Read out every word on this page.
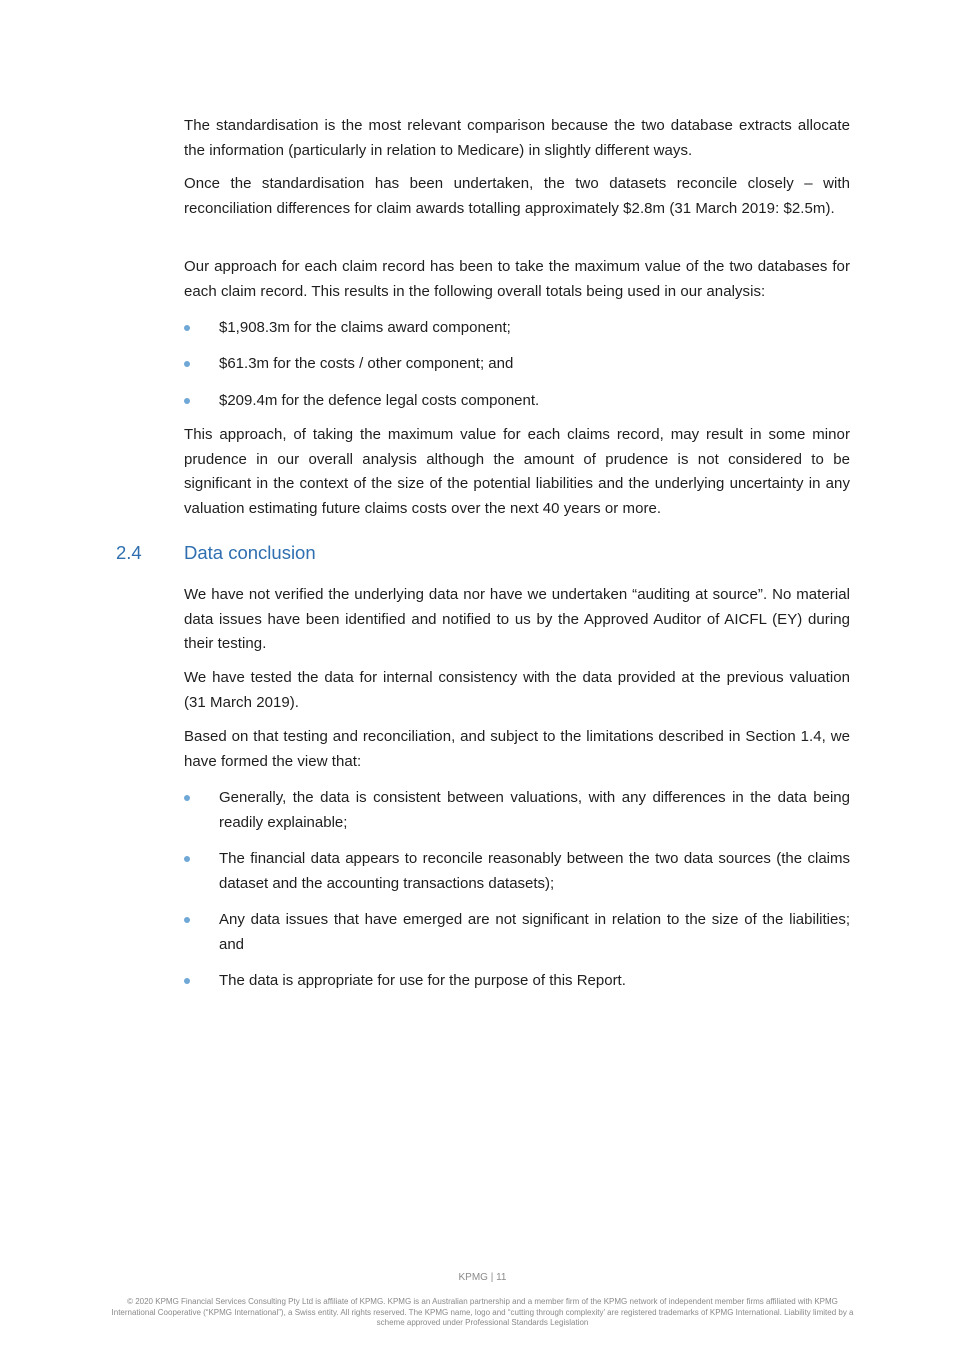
The standardisation is the most relevant comparison because the two database extracts allocate the information (particularly in relation to Medicare) in slightly different ways.

Once the standardisation has been undertaken, the two datasets reconcile closely – with reconciliation differences for claim awards totalling approximately $2.8m (31 March 2019: $2.5m).

Our approach for each claim record has been to take the maximum value of the two databases for each claim record. This results in the following overall totals being used in our analysis:

$1,908.3m for the claims award component;
$61.3m for the costs / other component; and
$209.4m for the defence legal costs component.

This approach, of taking the maximum value for each claims record, may result in some minor prudence in our overall analysis although the amount of prudence is not considered to be significant in the context of the size of the potential liabilities and the underlying uncertainty in any valuation estimating future claims costs over the next 40 years or more.

2.4 Data conclusion

We have not verified the underlying data nor have we undertaken “auditing at source”. No material data issues have been identified and notified to us by the Approved Auditor of AICFL (EY) during their testing.

We have tested the data for internal consistency with the data provided at the previous valuation (31 March 2019).

Based on that testing and reconciliation, and subject to the limitations described in Section 1.4, we have formed the view that:

Generally, the data is consistent between valuations, with any differences in the data being readily explainable;
The financial data appears to reconcile reasonably between the two data sources (the claims dataset and the accounting transactions datasets);
Any data issues that have emerged are not significant in relation to the size of the liabilities; and
The data is appropriate for use for the purpose of this Report.
KPMG | 11
© 2020 KPMG Financial Services Consulting Pty Ltd is affiliate of KPMG. KPMG is an Australian partnership and a member firm of the KPMG network of independent member firms affiliated with KPMG International Cooperative (“KPMG International”), a Swiss entity. All rights reserved. The KPMG name, logo and “cutting through complexity’ are registered trademarks of KPMG International. Liability limited by a scheme approved under Professional Standards Legislation
